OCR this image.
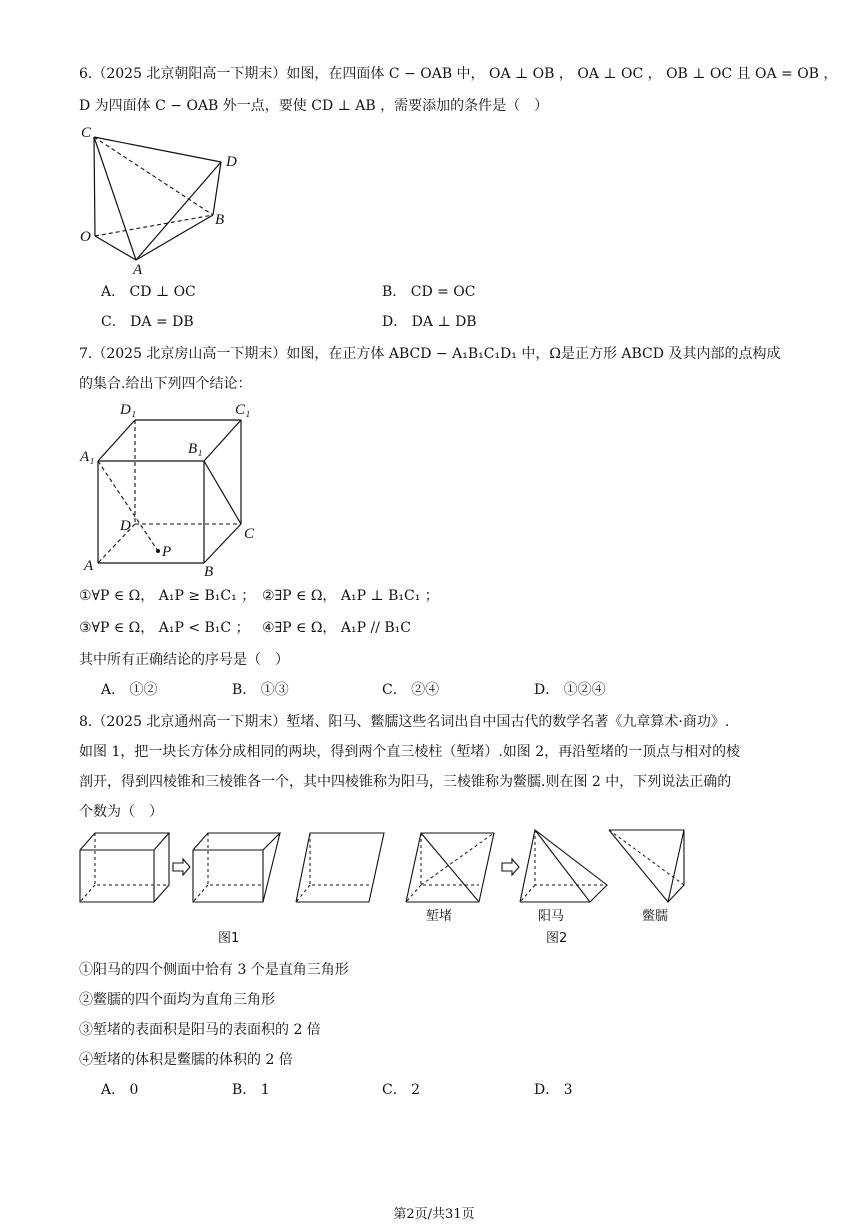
6.（2025 北京朝阳高一下期末）如图，在四面体 C − OAB 中， OA ⊥ OB ， OA ⊥ OC ， OB ⊥ OC 且 OA = OB ，
D 为四面体 C − OAB 外一点，要使 CD ⊥ AB ，需要添加的条件是（　）
C
D
B
O
A
A． CD ⊥ OC	B． CD = OC
C． DA = DB	D． DA ⊥ DB
7.（2025 北京房山高一下期末）如图，在正方体 ABCD − A₁B₁C₁D₁ 中，Ω是正方形 ABCD 及其内部的点构成
的集合.给出下列四个结论：
D₁	C₁
A₁	B₁
D
P
C
A	B
①∀P ∈ Ω， A₁P ≥ B₁C₁ ； ②∃P ∈ Ω， A₁P ⊥ B₁C₁ ；
③∀P ∈ Ω， A₁P < B₁C ； ④∃P ∈ Ω， A₁P // B₁C
其中所有正确结论的序号是（　）
A． ①②	B． ①③	C． ②④	D． ①②④
8.（2025 北京通州高一下期末）堑堵、阳马、鳖臑这些名词出自中国古代的数学名著《九章算术·商功》.
如图 1，把一块长方体分成相同的两块，得到两个直三棱柱（堑堵）.如图 2，再沿堑堵的一顶点与相对的棱
剖开，得到四棱锥和三棱锥各一个，其中四棱锥称为阳马，三棱锥称为鳖臑.则在图 2 中，下列说法正确的
个数为（　）
堑堵	阳马	鳖臑
图1	图2
①阳马的四个侧面中恰有 3 个是直角三角形
②鳖臑的四个面均为直角三角形
③堑堵的表面积是阳马的表面积的 2 倍
④堑堵的体积是鳖臑的体积的 2 倍
A． 0	B． 1	C． 2	D． 3
第2页/共31页
